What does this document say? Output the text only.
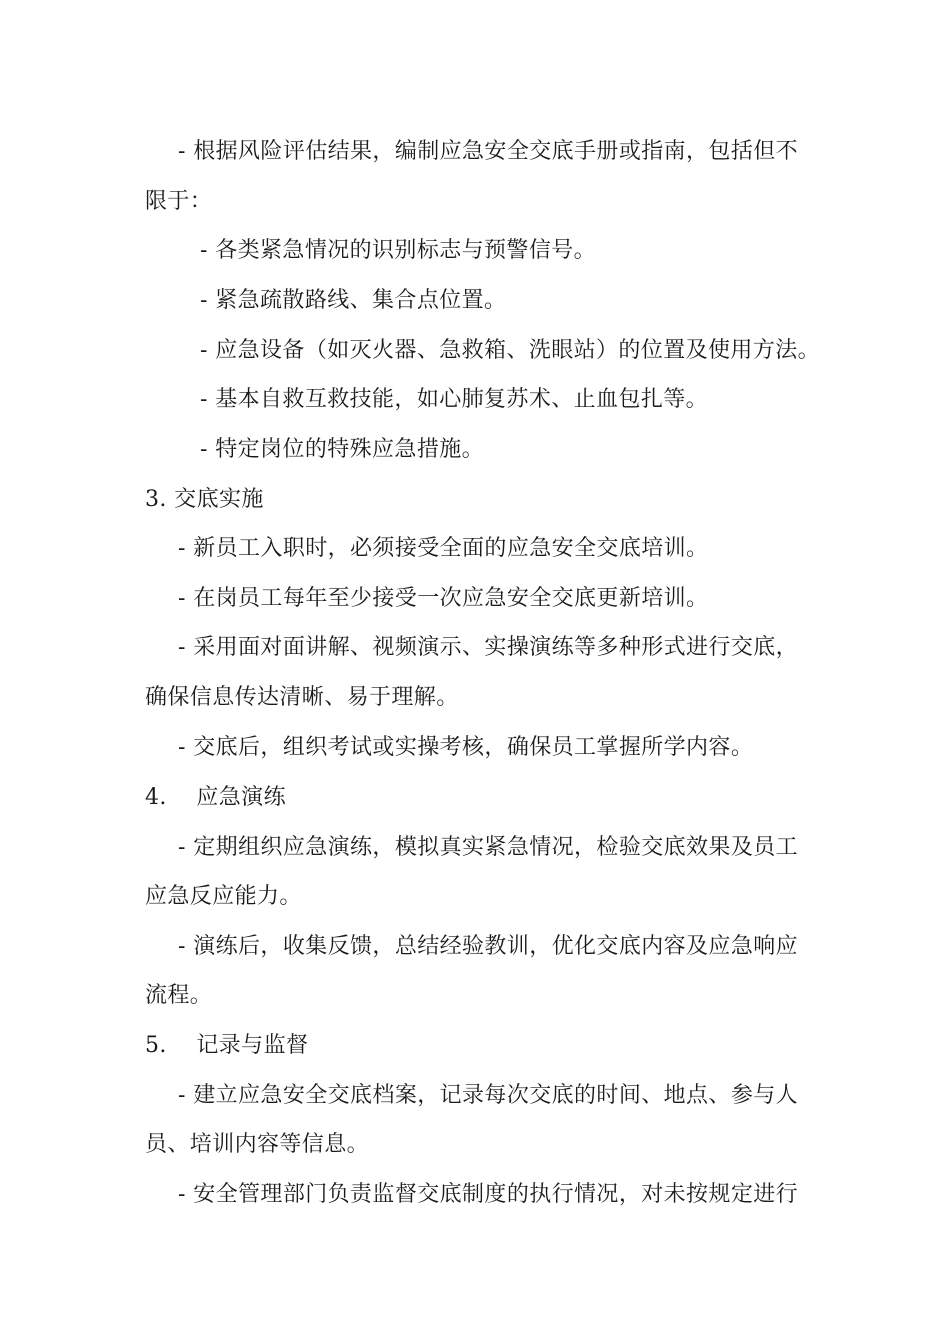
- 根据风险评估结果，编制应急安全交底手册或指南，包括但不
限于：
- 各类紧急情况的识别标志与预警信号。
- 紧急疏散路线、集合点位置。
- 应急设备（如灭火器、急救箱、洗眼站）的位置及使用方法。
- 基本自救互救技能，如心肺复苏术、止血包扎等。
- 特定岗位的特殊应急措施。
3. 交底实施
- 新员工入职时，必须接受全面的应急安全交底培训。
- 在岗员工每年至少接受一次应急安全交底更新培训。
- 采用面对面讲解、视频演示、实操演练等多种形式进行交底，
确保信息传达清晰、易于理解。
- 交底后，组织考试或实操考核，确保员工掌握所学内容。
4.    应急演练
- 定期组织应急演练，模拟真实紧急情况，检验交底效果及员工
应急反应能力。
- 演练后，收集反馈，总结经验教训，优化交底内容及应急响应
流程。
5.    记录与监督
- 建立应急安全交底档案，记录每次交底的时间、地点、参与人
员、培训内容等信息。
- 安全管理部门负责监督交底制度的执行情况，对未按规定进行
